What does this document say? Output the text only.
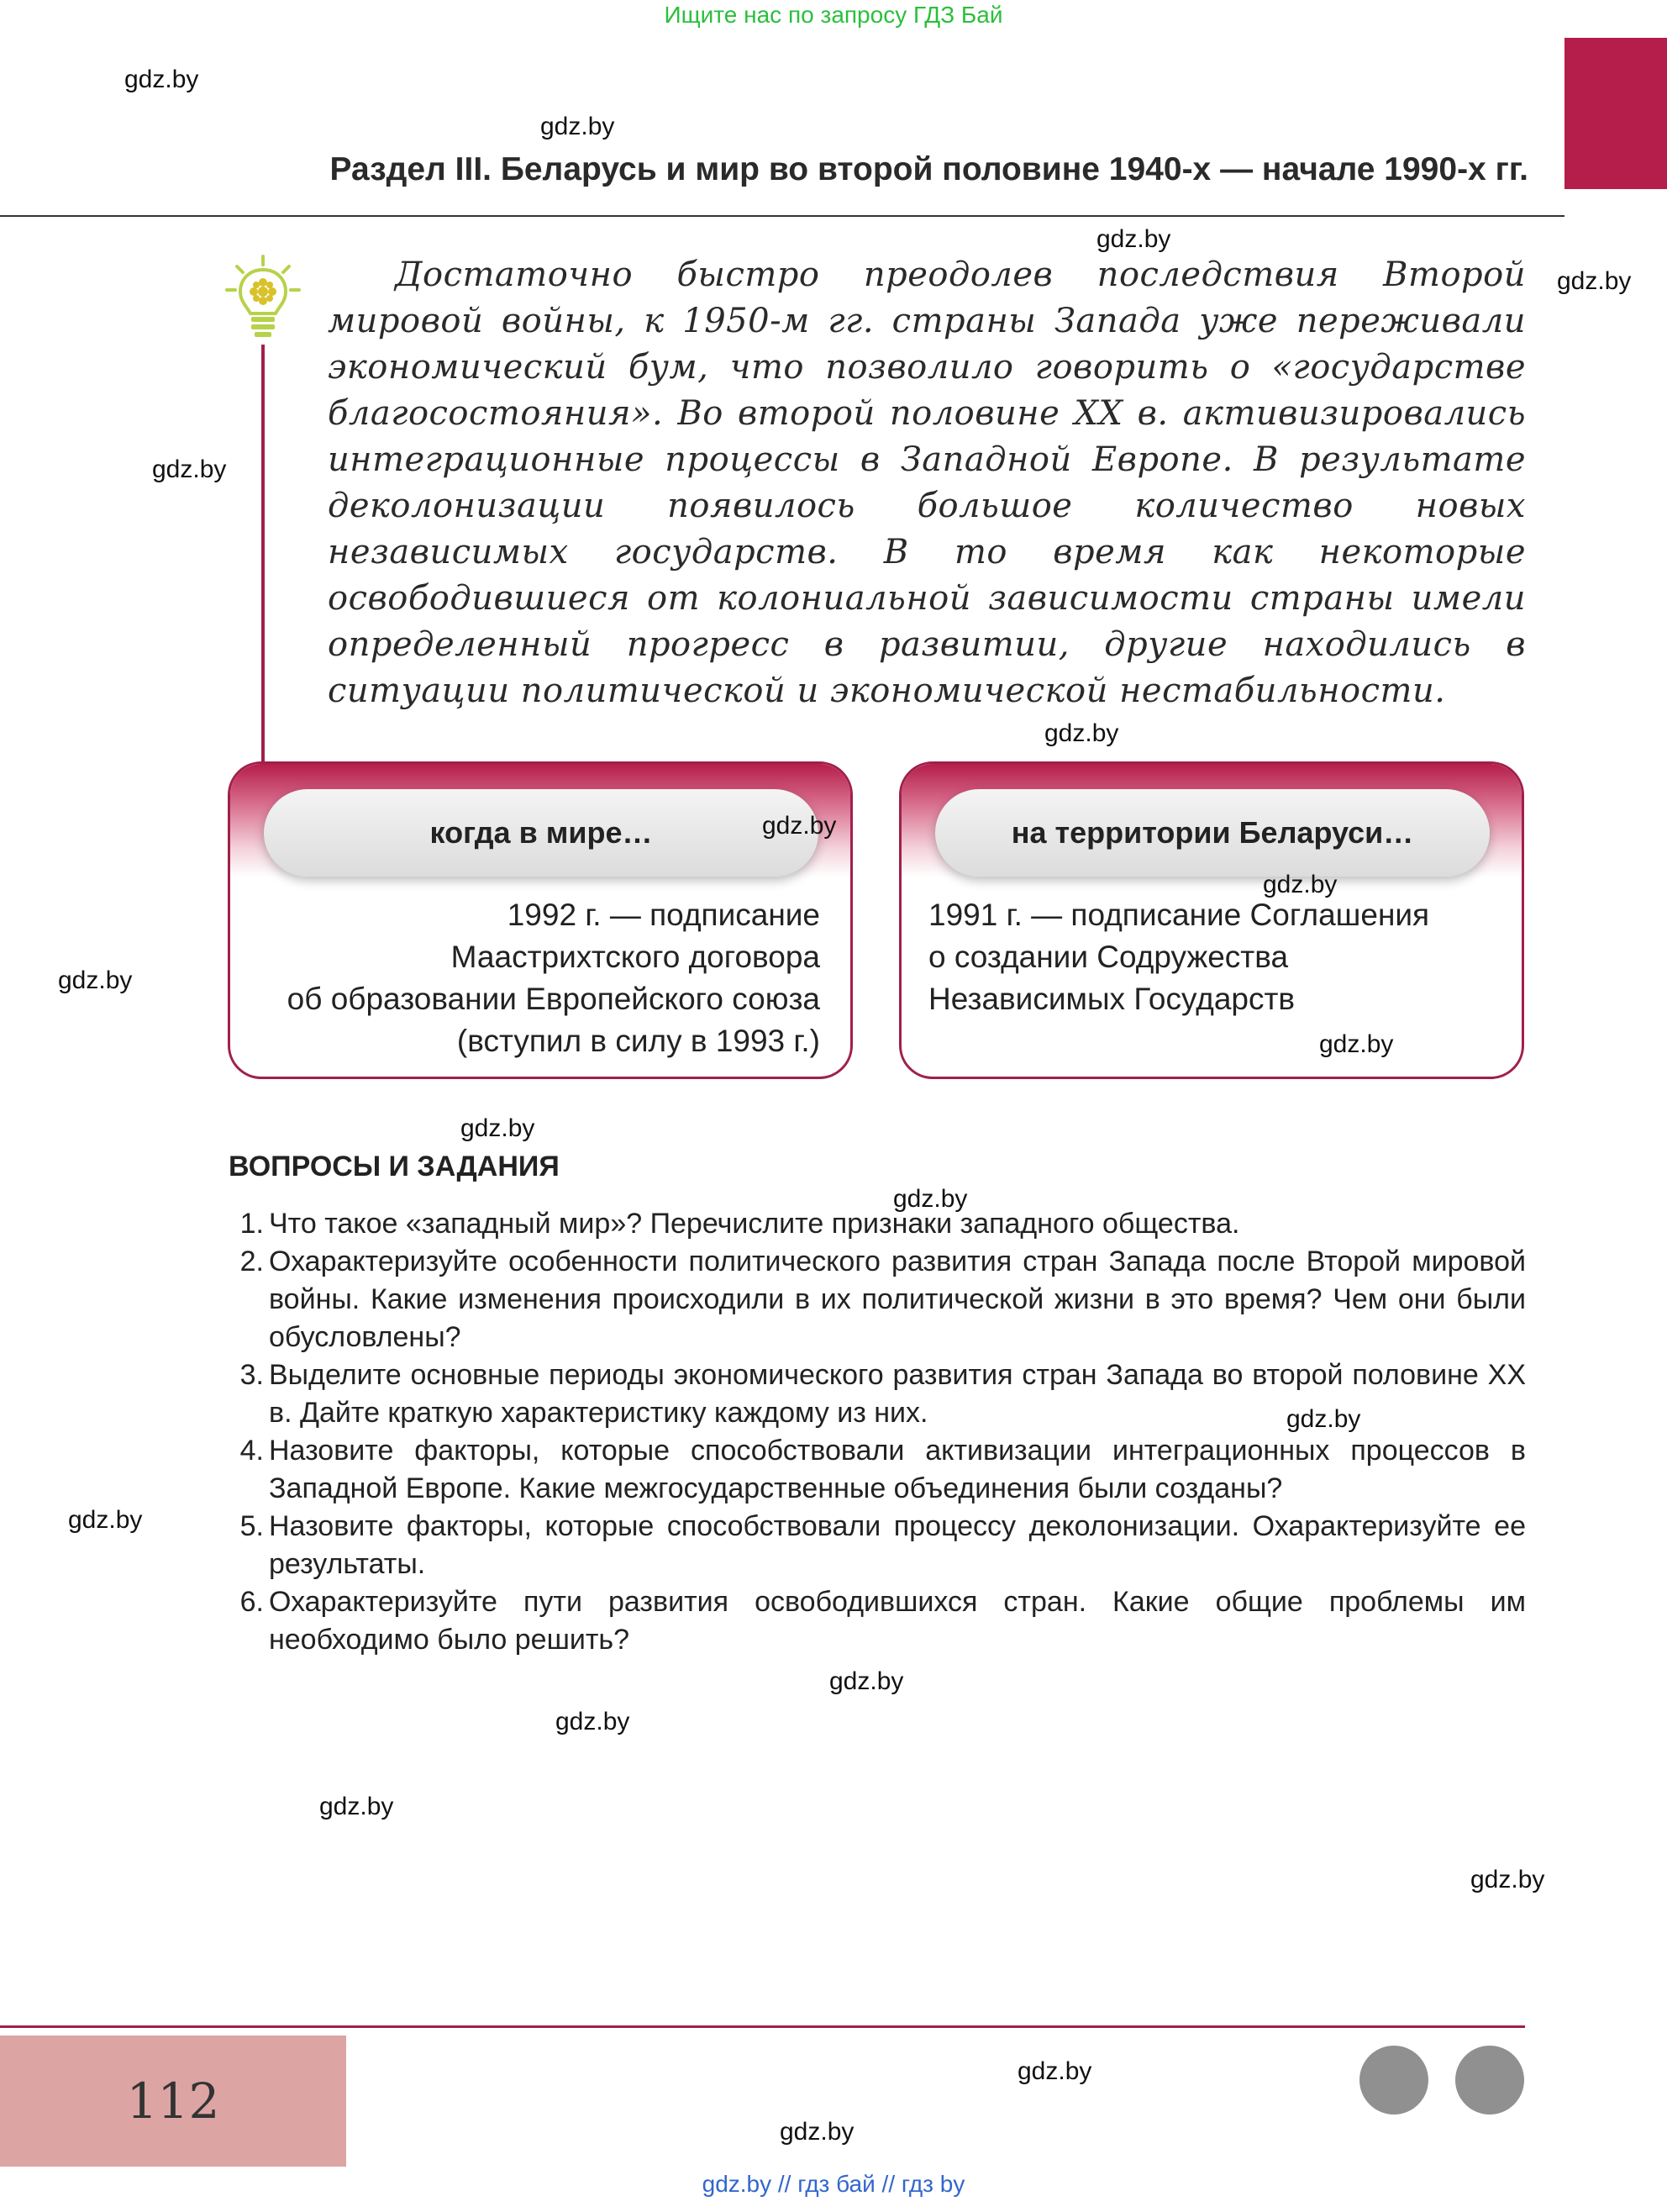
Ищите нас по запросу ГДЗ Бай
Раздел III. Беларусь и мир во второй половине 1940-х — начале 1990-х гг.
Достаточно быстро преодолев последствия Второй мировой войны, к 1950-м гг. страны Запада уже переживали экономический бум, что позволило говорить о «государстве благосостояния». Во второй половине XX в. активизировались интеграционные процессы в Западной Европе. В результате деколонизации появилось большое количество новых независимых государств. В то время как некоторые освободившиеся от колониальной зависимости страны имели определенный прогресс в развитии, другие находились в ситуации политической и экономической нестабильности.
когда в мире…
1992 г. — подписание
Маастрихтского договора
об образовании Европейского союза
(вступил в силу в 1993 г.)
на территории Беларуси…
1991 г. — подписание Соглашения
о создании Содружества
Независимых Государств
ВОПРОСЫ И ЗАДАНИЯ
1. Что такое «западный мир»? Перечислите признаки западного общества.
2. Охарактеризуйте особенности политического развития стран Запада после Второй мировой войны. Какие изменения происходили в их политической жизни в это время? Чем они были обусловлены?
3. Выделите основные периоды экономического развития стран Запада во второй половине XX в. Дайте краткую характеристику каждому из них.
4. Назовите факторы, которые способствовали активизации интеграционных процессов в Западной Европе. Какие межгосударственные объединения были созданы?
5. Назовите факторы, которые способствовали процессу деколонизации. Охарактеризуйте ее результаты.
6. Охарактеризуйте пути развития освободившихся стран. Какие общие проблемы им необходимо было решить?
112
gdz.by // гдз бай // гдз by
gdz.by
gdz.by
gdz.by
gdz.by
gdz.by
gdz.by
gdz.by
gdz.by
gdz.by
gdz.by
gdz.by
gdz.by
gdz.by
gdz.by
gdz.by
gdz.by
gdz.by
gdz.by
gdz.by
gdz.by
